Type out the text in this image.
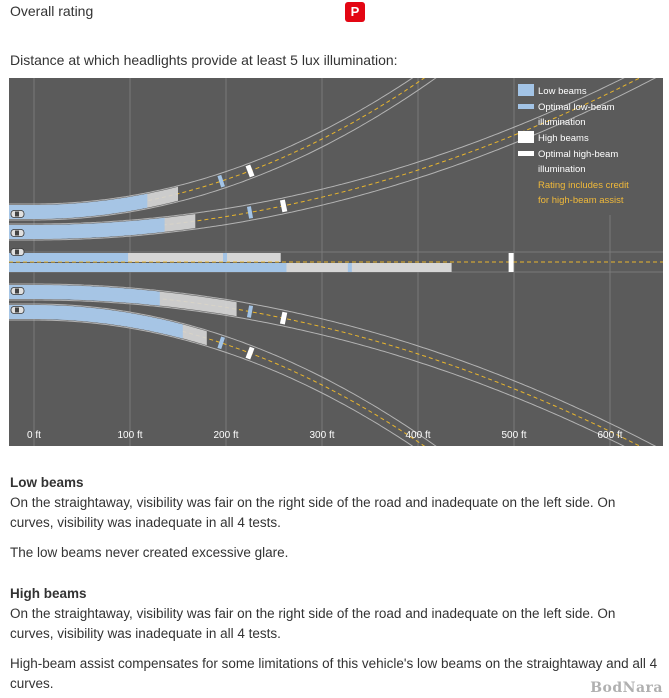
Overall rating	P
Distance at which headlights provide at least 5 lux illumination:
0 ft	100 ft	200 ft	300 ft	400 ft	500 ft	600 ft
Low beams
Optimal low-beam illumination
High beams
Optimal high-beam illumination
Rating includes credit for high-beam assist
Low beams

On the straightaway, visibility was fair on the right side of the road and inadequate on the left side. On curves, visibility was inadequate in all 4 tests.

The low beams never created excessive glare.

High beams

On the straightaway, visibility was fair on the right side of the road and inadequate on the left side. On curves, visibility was inadequate in all 4 tests.

High-beam assist compensates for some limitations of this vehicle's low beams on the straightaway and all 4 curves.	BodNara
